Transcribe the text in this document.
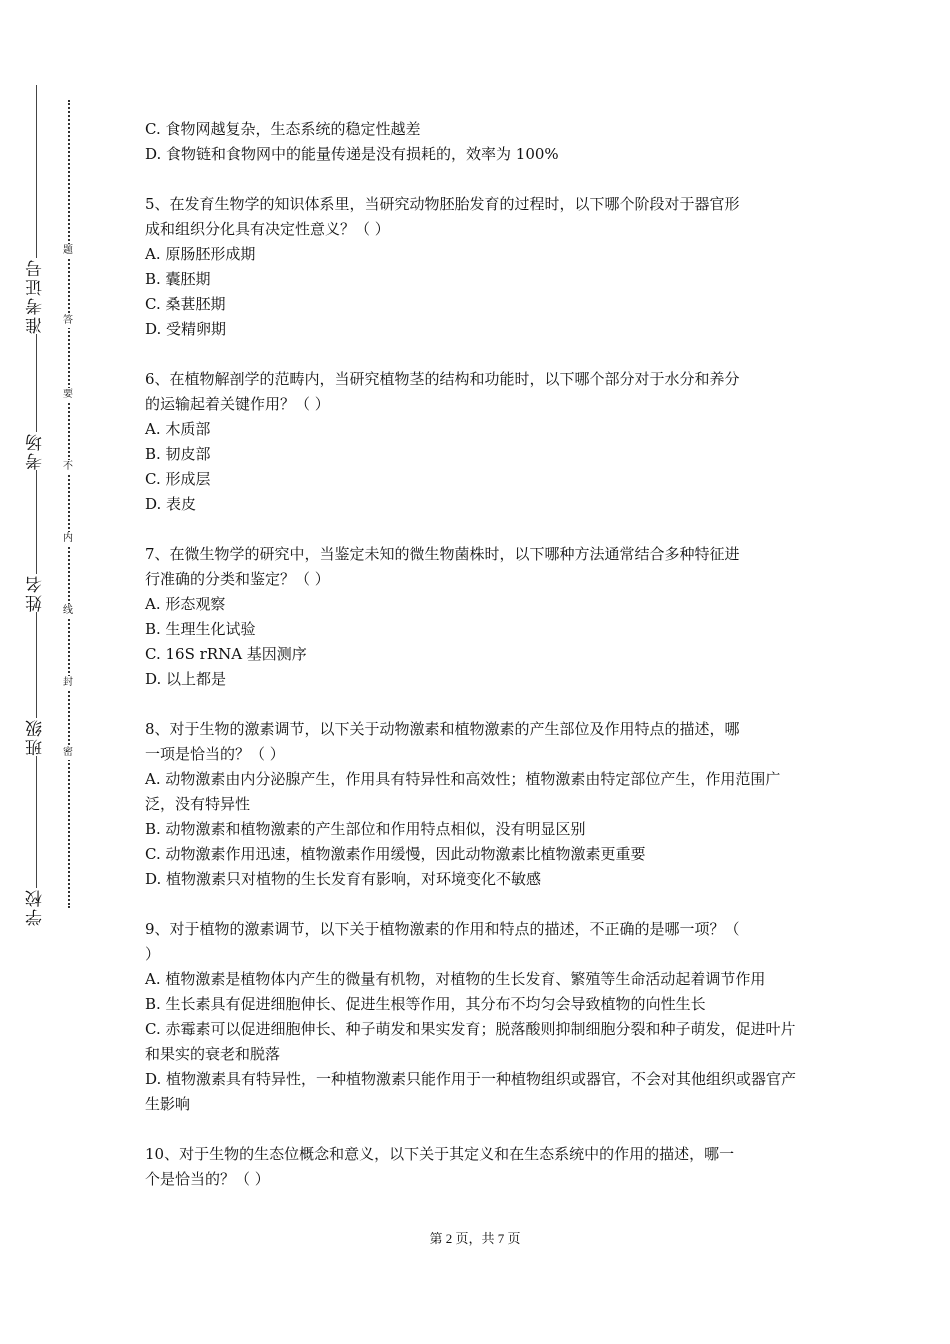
准考证号
考场
姓名
班级
学校
题
答
要
不
内
线
封
密
C. 食物网越复杂，生态系统的稳定性越差
D. 食物链和食物网中的能量传递是没有损耗的，效率为 100%
5、在发育生物学的知识体系里，当研究动物胚胎发育的过程时，以下哪个阶段对于器官形
成和组织分化具有决定性意义？（ ）
A. 原肠胚形成期
B. 囊胚期
C. 桑葚胚期
D. 受精卵期
6、在植物解剖学的范畴内，当研究植物茎的结构和功能时，以下哪个部分对于水分和养分
的运输起着关键作用？（ ）
A. 木质部
B. 韧皮部
C. 形成层
D. 表皮
7、在微生物学的研究中，当鉴定未知的微生物菌株时，以下哪种方法通常结合多种特征进
行准确的分类和鉴定？（ ）
A. 形态观察
B. 生理生化试验
C. 16S rRNA 基因测序
D. 以上都是
8、对于生物的激素调节，以下关于动物激素和植物激素的产生部位及作用特点的描述，哪
一项是恰当的？（ ）
A. 动物激素由内分泌腺产生，作用具有特异性和高效性；植物激素由特定部位产生，作用范围广泛，没有特异性
B. 动物激素和植物激素的产生部位和作用特点相似，没有明显区别
C. 动物激素作用迅速，植物激素作用缓慢，因此动物激素比植物激素更重要
D. 植物激素只对植物的生长发育有影响，对环境变化不敏感
9、对于植物的激素调节，以下关于植物激素的作用和特点的描述，不正确的是哪一项？（
）
A. 植物激素是植物体内产生的微量有机物，对植物的生长发育、繁殖等生命活动起着调节作用
B. 生长素具有促进细胞伸长、促进生根等作用，其分布不均匀会导致植物的向性生长
C. 赤霉素可以促进细胞伸长、种子萌发和果实发育；脱落酸则抑制细胞分裂和种子萌发，促进叶片和果实的衰老和脱落
D. 植物激素具有特异性，一种植物激素只能作用于一种植物组织或器官，不会对其他组织或器官产生影响
10、对于生物的生态位概念和意义，以下关于其定义和在生态系统中的作用的描述，哪一
个是恰当的？（ ）
第 2 页，共 7 页
